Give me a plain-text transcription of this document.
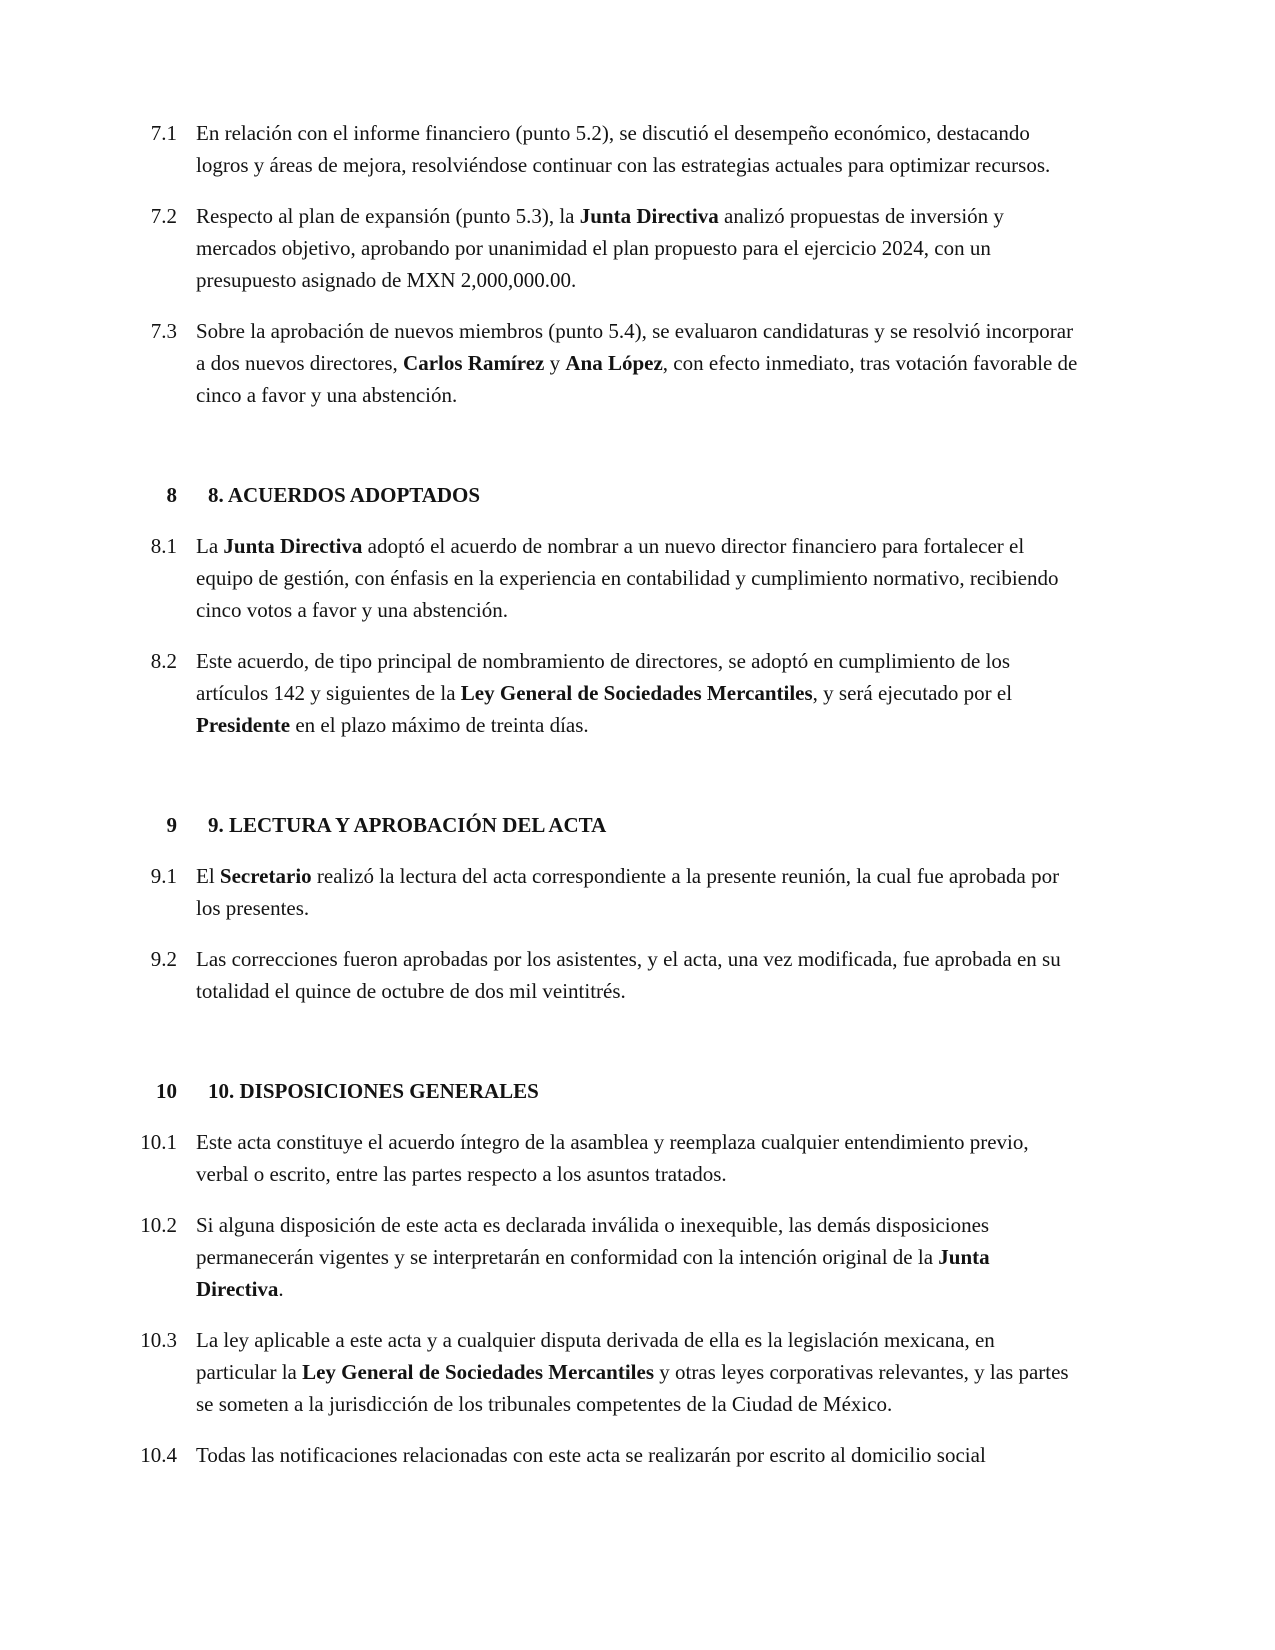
7.1 En relación con el informe financiero (punto 5.2), se discutió el desempeño económico, destacando logros y áreas de mejora, resolviéndose continuar con las estrategias actuales para optimizar recursos.
7.2 Respecto al plan de expansión (punto 5.3), la Junta Directiva analizó propuestas de inversión y mercados objetivo, aprobando por unanimidad el plan propuesto para el ejercicio 2024, con un presupuesto asignado de MXN 2,000,000.00.
7.3 Sobre la aprobación de nuevos miembros (punto 5.4), se evaluaron candidaturas y se resolvió incorporar a dos nuevos directores, Carlos Ramírez y Ana López, con efecto inmediato, tras votación favorable de cinco a favor y una abstención.
8 8. ACUERDOS ADOPTADOS
8.1 La Junta Directiva adoptó el acuerdo de nombrar a un nuevo director financiero para fortalecer el equipo de gestión, con énfasis en la experiencia en contabilidad y cumplimiento normativo, recibiendo cinco votos a favor y una abstención.
8.2 Este acuerdo, de tipo principal de nombramiento de directores, se adoptó en cumplimiento de los artículos 142 y siguientes de la Ley General de Sociedades Mercantiles, y será ejecutado por el Presidente en el plazo máximo de treinta días.
9 9. LECTURA Y APROBACIÓN DEL ACTA
9.1 El Secretario realizó la lectura del acta correspondiente a la presente reunión, la cual fue aprobada por los presentes.
9.2 Las correcciones fueron aprobadas por los asistentes, y el acta, una vez modificada, fue aprobada en su totalidad el quince de octubre de dos mil veintitrés.
10 10. DISPOSICIONES GENERALES
10.1 Este acta constituye el acuerdo íntegro de la asamblea y reemplaza cualquier entendimiento previo, verbal o escrito, entre las partes respecto a los asuntos tratados.
10.2 Si alguna disposición de este acta es declarada inválida o inexequible, las demás disposiciones permanecerán vigentes y se interpretarán en conformidad con la intención original de la Junta Directiva.
10.3 La ley aplicable a este acta y a cualquier disputa derivada de ella es la legislación mexicana, en particular la Ley General de Sociedades Mercantiles y otras leyes corporativas relevantes, y las partes se someten a la jurisdicción de los tribunales competentes de la Ciudad de México.
10.4 Todas las notificaciones relacionadas con este acta se realizarán por escrito al domicilio social
